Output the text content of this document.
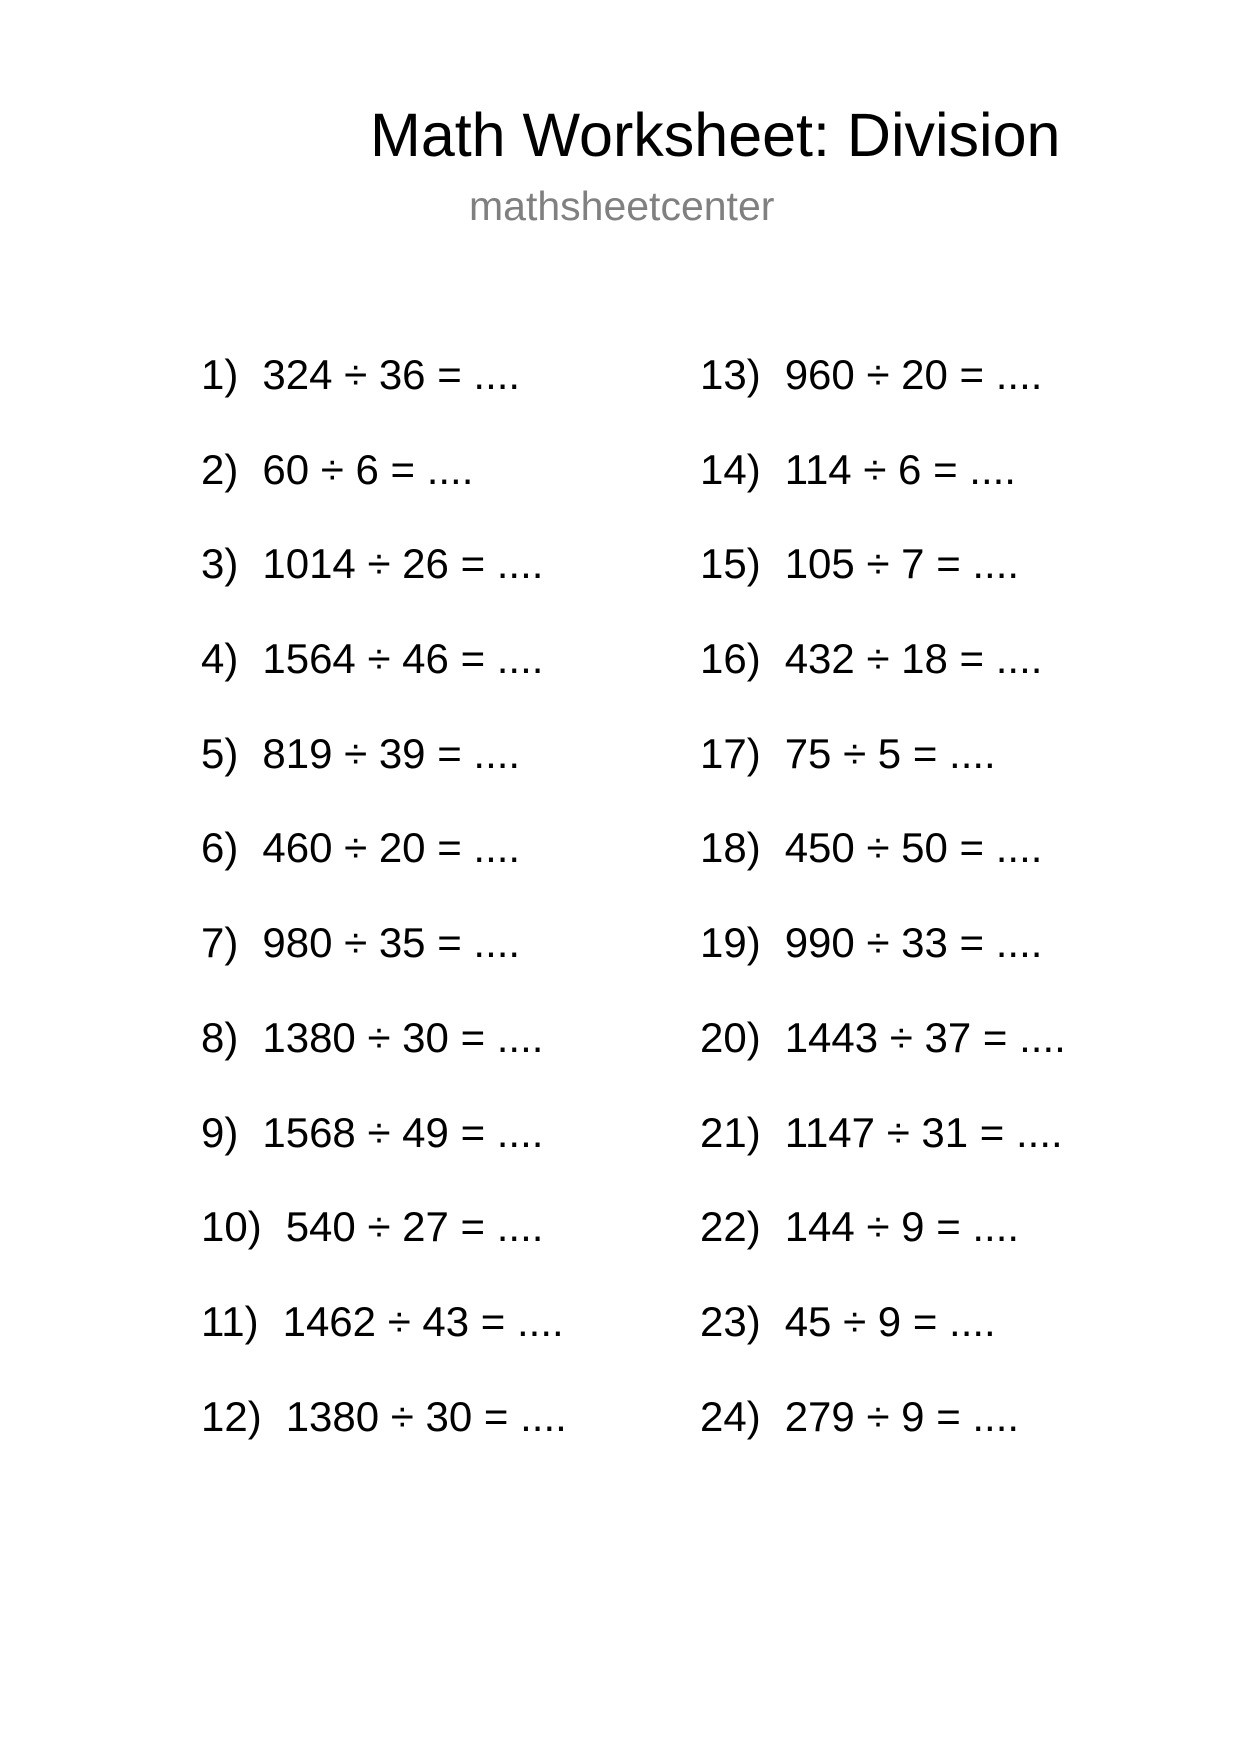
Math Worksheet: Division
mathsheetcenter
1) 324 ÷ 36 = ....
2) 60 ÷ 6 = ....
3) 1014 ÷ 26 = ....
4) 1564 ÷ 46 = ....
5) 819 ÷ 39 = ....
6) 460 ÷ 20 = ....
7) 980 ÷ 35 = ....
8) 1380 ÷ 30 = ....
9) 1568 ÷ 49 = ....
10) 540 ÷ 27 = ....
11) 1462 ÷ 43 = ....
12) 1380 ÷ 30 = ....
13) 960 ÷ 20 = ....
14) 114 ÷ 6 = ....
15) 105 ÷ 7 = ....
16) 432 ÷ 18 = ....
17) 75 ÷ 5 = ....
18) 450 ÷ 50 = ....
19) 990 ÷ 33 = ....
20) 1443 ÷ 37 = ....
21) 1147 ÷ 31 = ....
22) 144 ÷ 9 = ....
23) 45 ÷ 9 = ....
24) 279 ÷ 9 = ....
